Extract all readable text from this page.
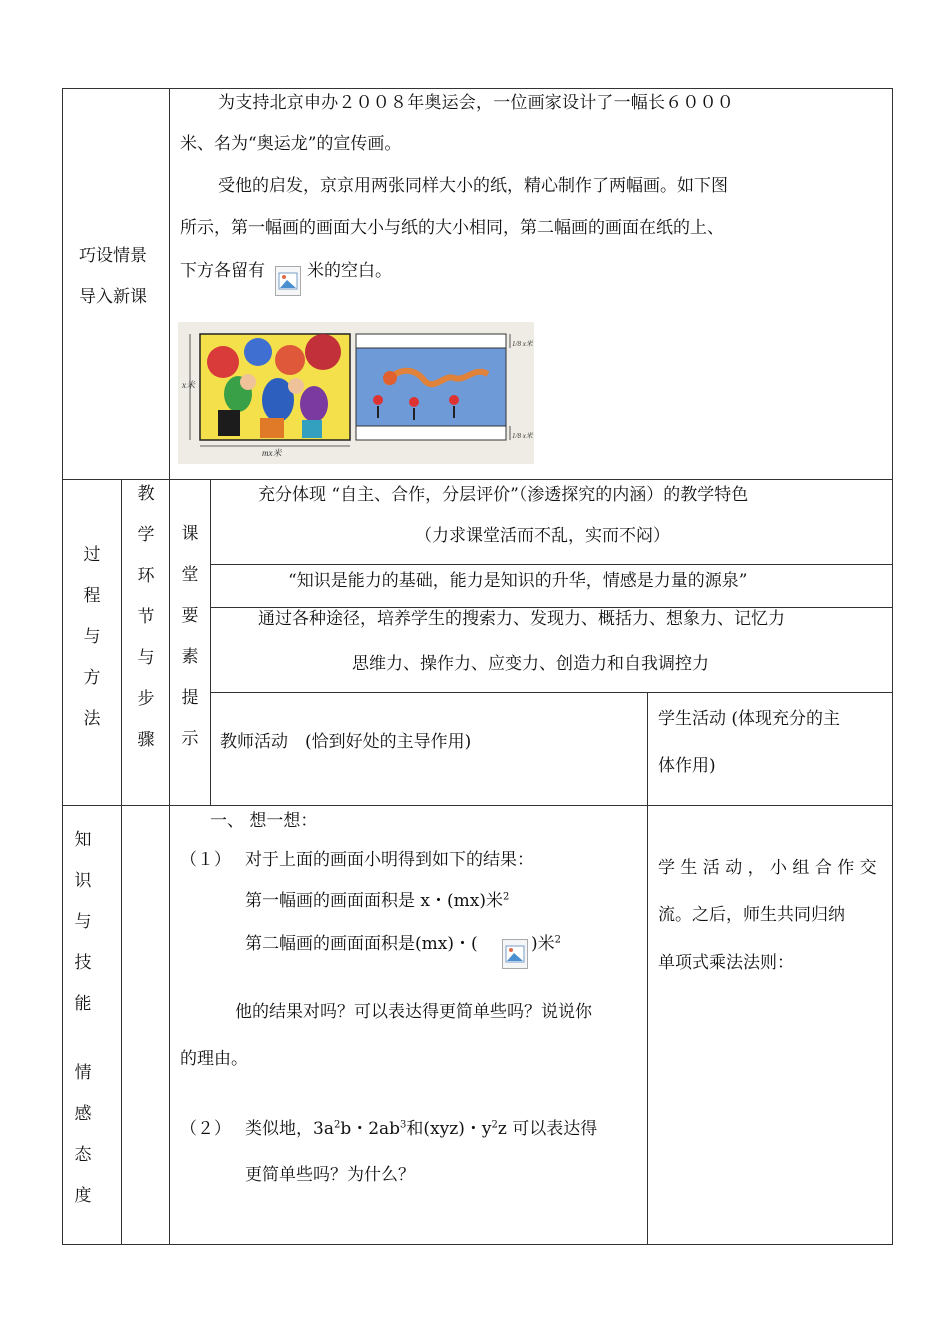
巧设情景
导入新课
为支持北京申办２００８年奥运会，一位画家设计了一幅长６０００
米、名为“奥运龙”的宣传画。
受他的启发，京京用两张同样大小的纸，精心制作了两幅画。如下图
所示，第一幅画的画面大小与纸的大小相同，第二幅画的画面在纸的上、
下方各留有 米的空白。
x米
mx米
1/8 x米
1/8 x米
过
程
与
方
法
教
学
环
节
与
步
骤
课
堂
要
素
提
示
充分体现 “自主、合作，分层评价”（渗透探究的内涵）的教学特色
（力求课堂活而不乱，实而不闷）
“知识是能力的基础，能力是知识的升华，情感是力量的源泉”
通过各种途径，培养学生的搜索力、发现力、概括力、想象力、记忆力
思维力、操作力、应变力、创造力和自我调控力
教师活动　(恰到好处的主导作用)
学生活动 (体现充分的主
体作用)
知
识
与
技
能
情
感
态
度
一、 想一想：
（１） 对于上面的画面小明得到如下的结果：
第一幅画的画面面积是 x・(mx)米$^2$
第二幅画的画面面积是(mx)・(	)米$^2$
他的结果对吗？可以表达得更简单些吗？说说你
的理由。
（２） 类似地，$3a^2b$・$2ab^3$和(xyz)・$y^2z$ 可以表达得
更简单些吗？为什么？
学 生 活 动 ， 小 组 合 作 交
流。之后，师生共同归纳
单项式乘法法则：
